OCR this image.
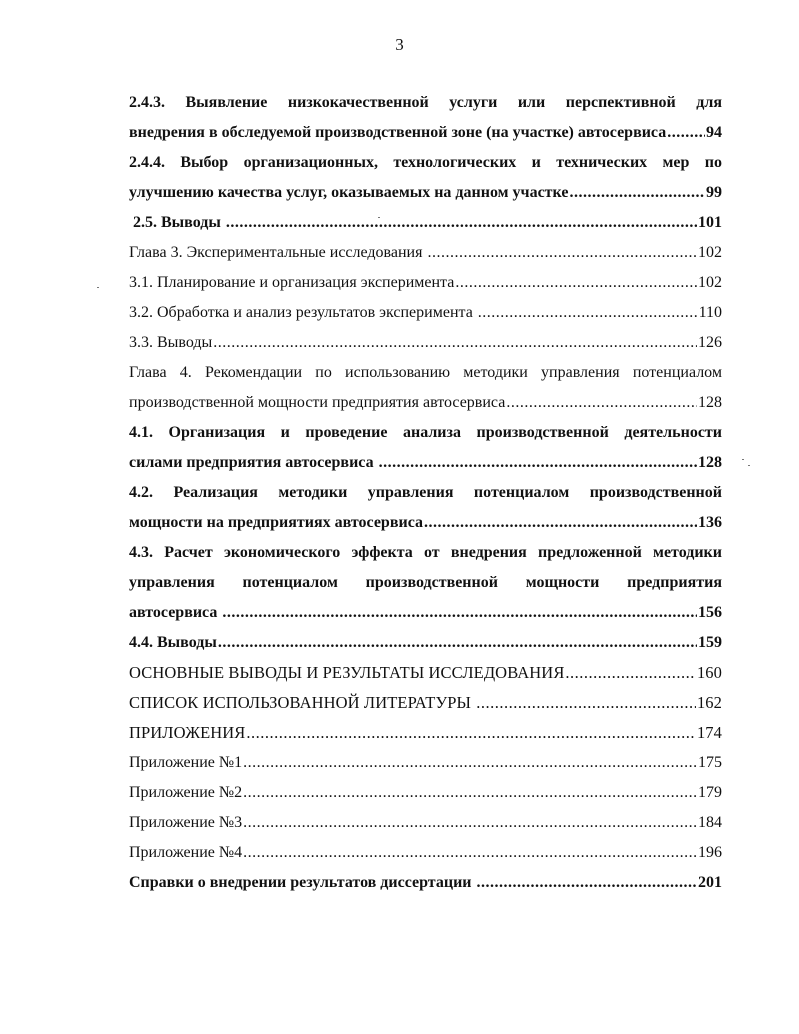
3
2.4.3. Выявление низкокачественной услуги или перспективной для
внедрения в обследуемой производственной зоне (на участке) автосервиса ..... 94
2.4.4. Выбор организационных, технологических и технических мер по
улучшению качества услуг, оказываемых на данном участке .....	99
2.5. Выводы .....	101
Глава 3. Экспериментальные исследования .....	102
3.1. Планирование и организация эксперимента .....	102
3.2. Обработка и анализ результатов эксперимента .....	110
3.3. Выводы .....	126
Глава 4. Рекомендации по использованию методики управления потенциалом
производственной мощности предприятия автосервиса .....	128
4.1. Организация и проведение анализа производственной деятельности
силами предприятия автосервиса .....	128
4.2. Реализация методики управления потенциалом производственной
мощности на предприятиях автосервиса .....	136
4.3. Расчет экономического эффекта от внедрения предложенной методики
управления потенциалом производственной мощности предприятия
автосервиса .....	156
4.4. Выводы .....	159
ОСНОВНЫЕ ВЫВОДЫ И РЕЗУЛЬТАТЫ ИССЛЕДОВАНИЯ .....	160
СПИСОК ИСПОЛЬЗОВАННОЙ ЛИТЕРАТУРЫ .....	162
ПРИЛОЖЕНИЯ .....	174
Приложение №1 .....	175
Приложение №2 .....	179
Приложение №3 .....	184
Приложение №4 .....	196
Справки о внедрении результатов диссертации .....	201
